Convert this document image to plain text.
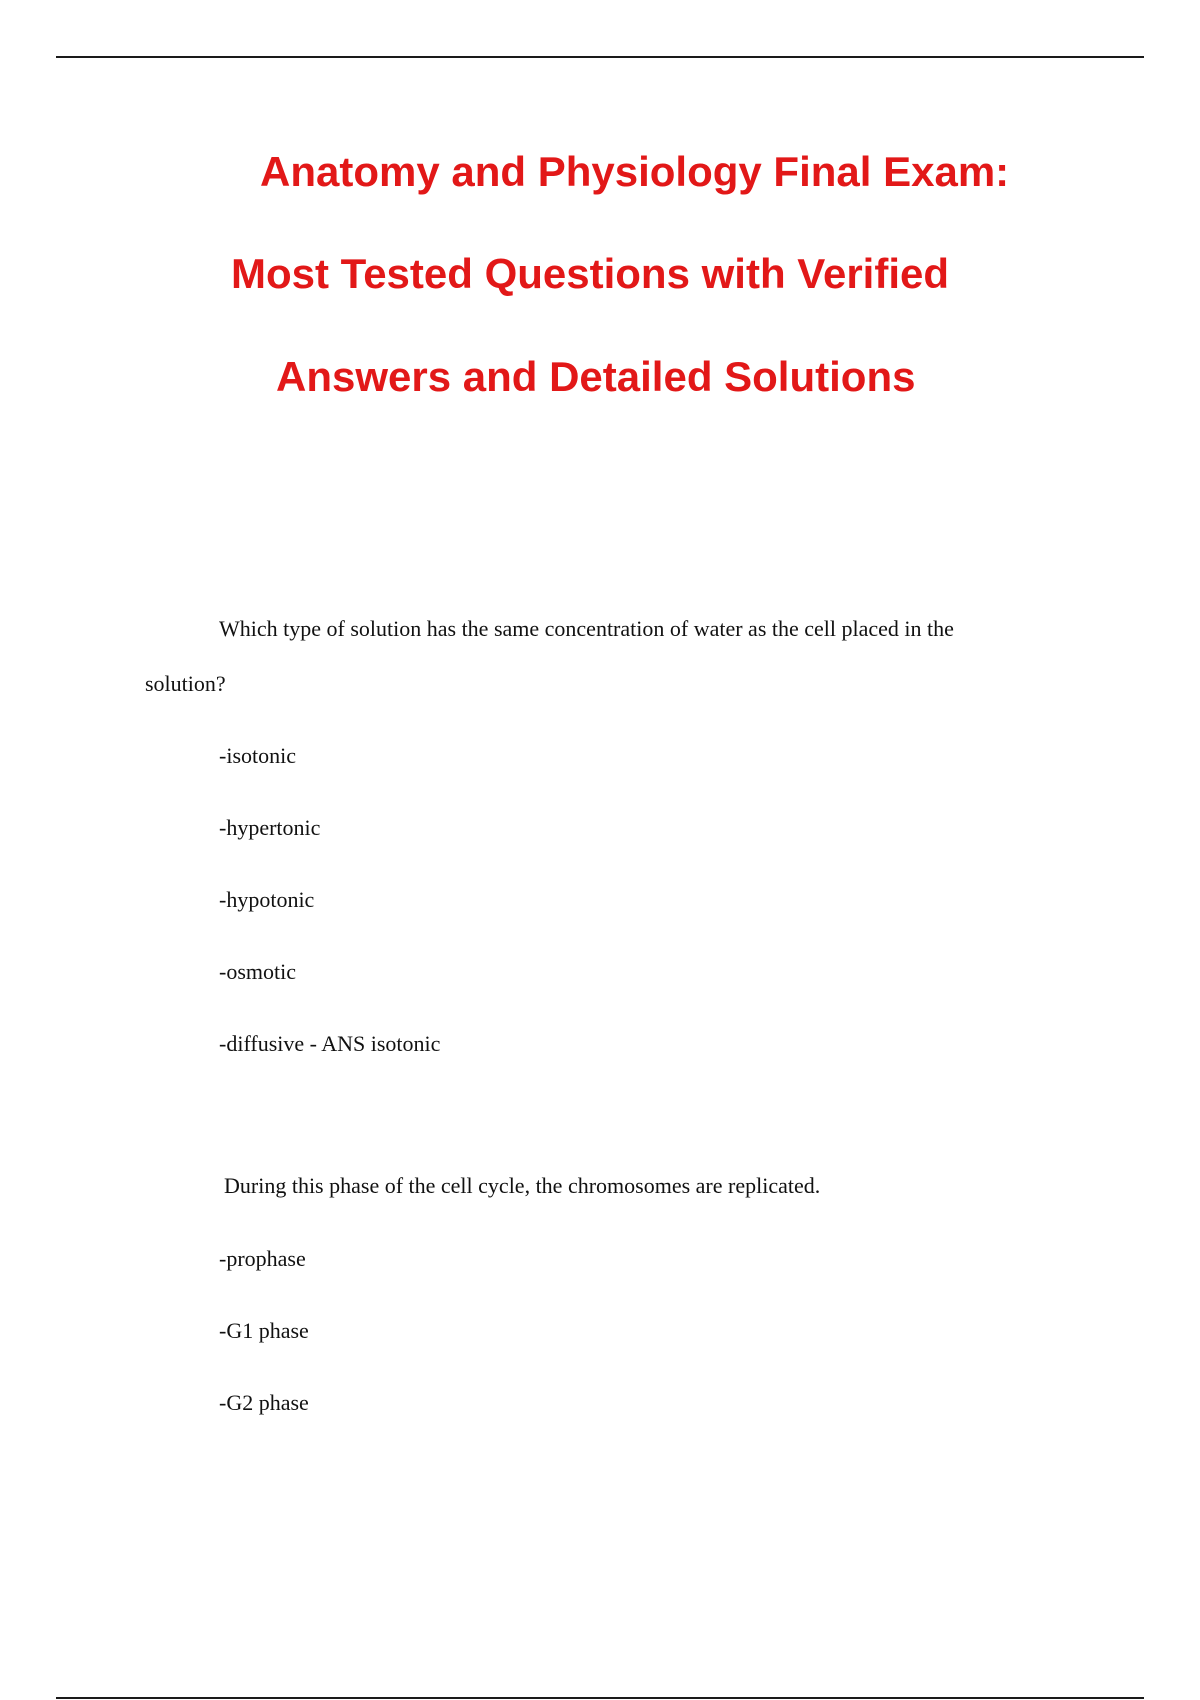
Anatomy and Physiology Final Exam:
Most Tested Questions with Verified
Answers and Detailed Solutions

Which type of solution has the same concentration of water as the cell placed in the

solution?

-isotonic

-hypertonic

-hypotonic

-osmotic

-diffusive - ANS isotonic

During this phase of the cell cycle, the chromosomes are replicated.

-prophase

-G1 phase

-G2 phase
